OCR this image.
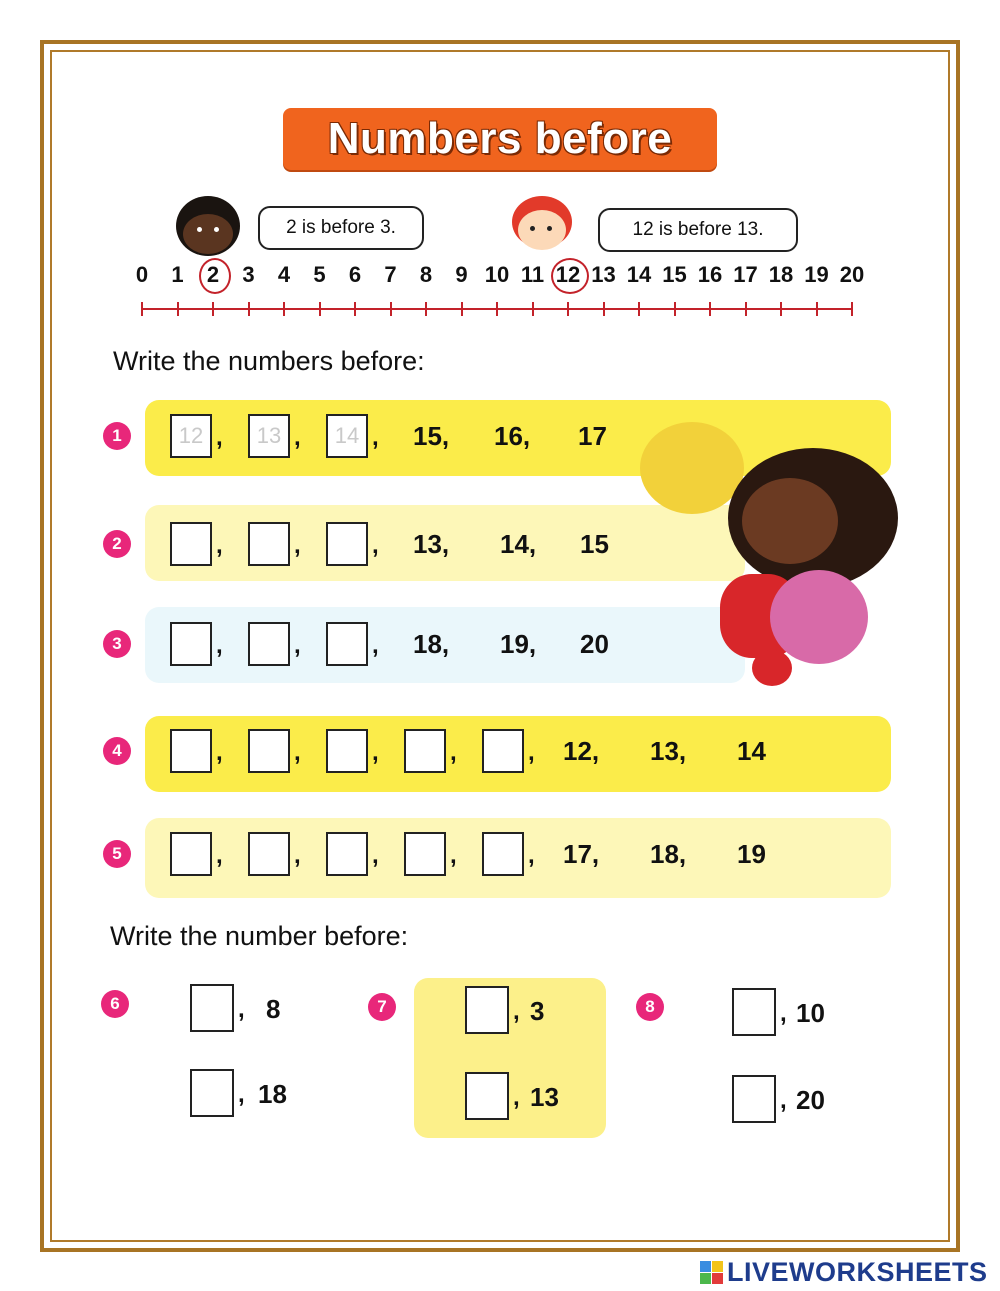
Numbers before
2 is before 3.	12 is before 13.
0 1 2 3 4 5 6 7 8 9 10 11 12 13 14 15 16 17 18 19 20
Write the numbers before:
1	12 ,	13 ,	14 , 15, 16, 17
2	,	,	, 13, 14, 15
3	,	,	, 18, 19, 20
4	,	,	,	,	, 12, 13, 14
5	,	,	,	,	, 17, 18, 19
Write the number before:
6	, 8
, 18
7	, 3
, 13
8	, 10
, 20
LIVEWORKSHEETS
